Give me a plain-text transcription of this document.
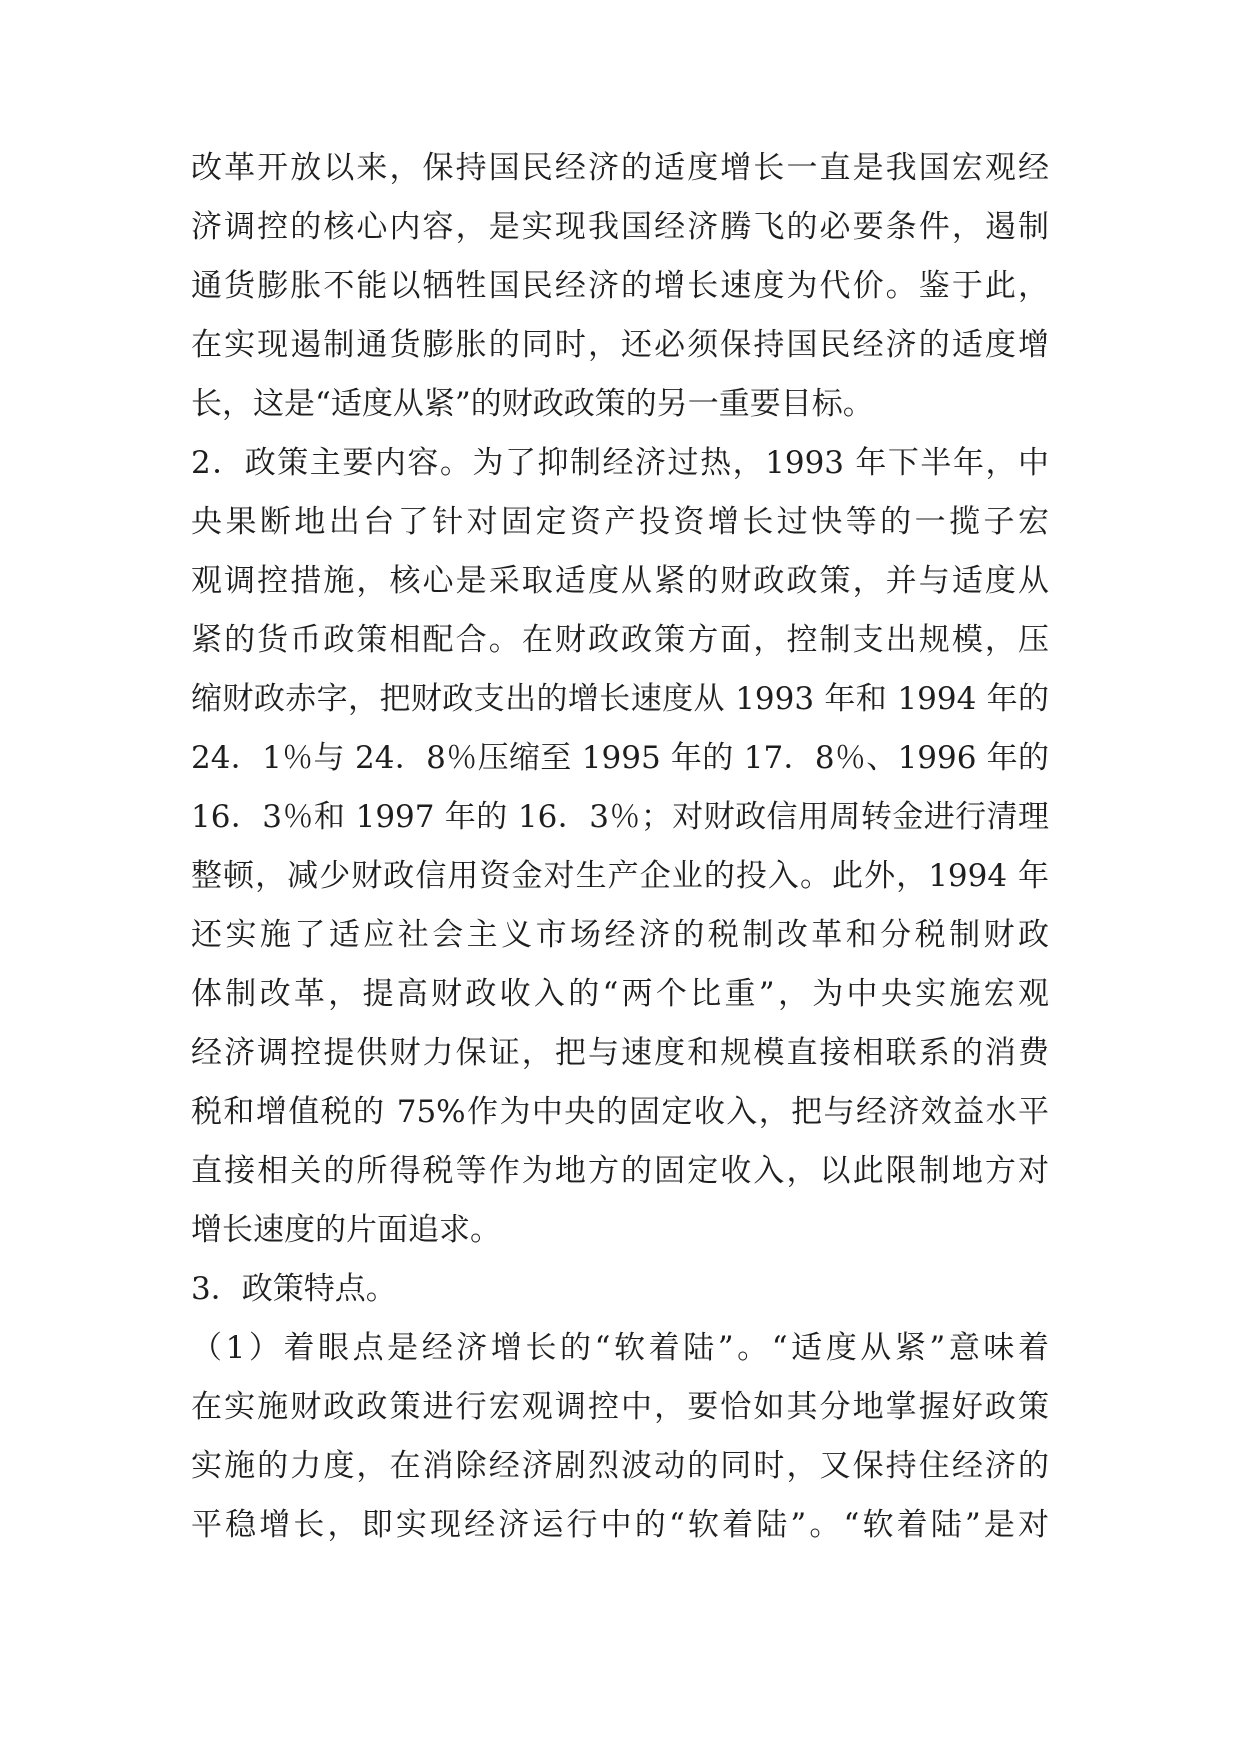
改革开放以来，保持国民经济的适度增长一直是我国宏观经

济调控的核心内容，是实现我国经济腾飞的必要条件，遏制

通货膨胀不能以牺牲国民经济的增长速度为代价。鉴于此，

在实现遏制通货膨胀的同时，还必须保持国民经济的适度增

长，这是“适度从紧”的财政政策的另一重要目标。

2．政策主要内容。为了抑制经济过热，1993 年下半年，中

央果断地出台了针对固定资产投资增长过快等的一揽子宏

观调控措施，核心是采取适度从紧的财政政策，并与适度从

紧的货币政策相配合。在财政政策方面，控制支出规模，压

缩财政赤字，把财政支出的增长速度从 1993 年和 1994 年的

24．1％与 24．8％压缩至 1995 年的 17．8％、1996 年的

16．3％和 1997 年的 16．3％；对财政信用周转金进行清理

整顿，减少财政信用资金对生产企业的投入。此外，1994 年

还实施了适应社会主义市场经济的税制改革和分税制财政

体制改革，提高财政收入的“两个比重”，为中央实施宏观

经济调控提供财力保证，把与速度和规模直接相联系的消费

税和增值税的 75%作为中央的固定收入，把与经济效益水平

直接相关的所得税等作为地方的固定收入，以此限制地方对

增长速度的片面追求。

3．政策特点。

（1）着眼点是经济增长的“软着陆”。“适度从紧”意味着

在实施财政政策进行宏观调控中，要恰如其分地掌握好政策

实施的力度，在消除经济剧烈波动的同时，又保持住经济的

平稳增长，即实现经济运行中的“软着陆”。“软着陆”是对
